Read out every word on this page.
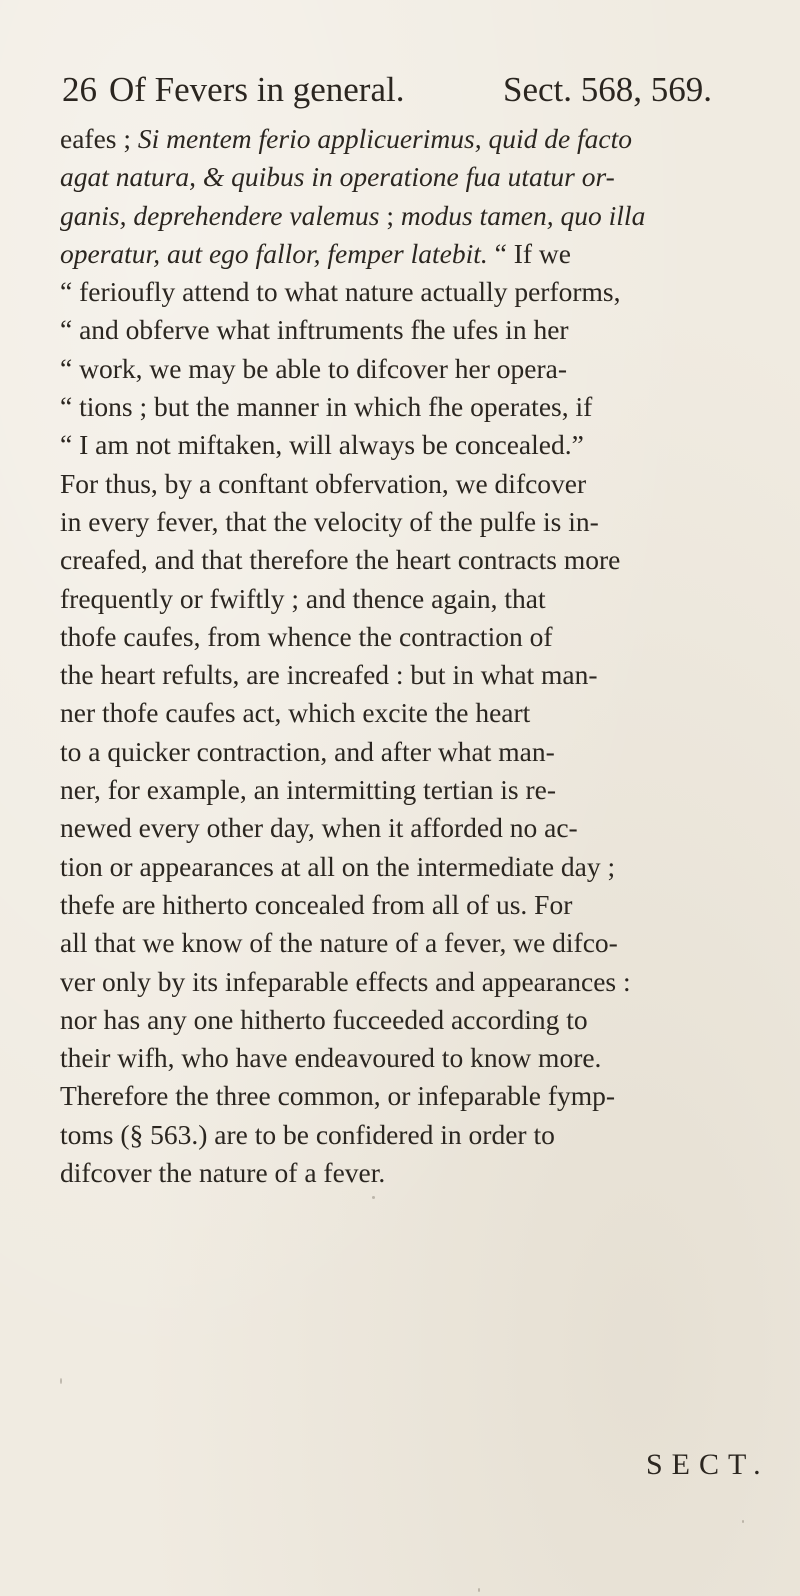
26 Of Fevers in general.	Sect. 568, 569.
eafes ; Si mentem ferio applicuerimus, quid de facto
agat natura, & quibus in operatione fua utatur or-
ganis, deprehendere valemus ; modus tamen, quo illa
operatur, aut ego fallor, femper latebit. “ If we
“ ferioufly attend to what nature actually performs,
“ and obferve what inftruments fhe ufes in her
“ work, we may be able to difcover her opera-
“ tions ; but the manner in which fhe operates, if
“ I am not miftaken, will always be concealed.”
For thus, by a conftant obfervation, we difcover
in every fever, that the velocity of the pulfe is in-
creafed, and that therefore the heart contracts more
frequently or fwiftly ; and thence again, that
thofe caufes, from whence the contraction of
the heart refults, are increafed : but in what man-
ner thofe caufes act, which excite the heart
to a quicker contraction, and after what man-
ner, for example, an intermitting tertian is re-
newed every other day, when it afforded no ac-
tion or appearances at all on the intermediate day ;
thefe are hitherto concealed from all of us. For
all that we know of the nature of a fever, we difco-
ver only by its infeparable effects and appearances :
nor has any one hitherto fucceeded according to
their wifh, who have endeavoured to know more.
Therefore the three common, or infeparable fymp-
toms (§ 563.) are to be confidered in order to
difcover the nature of a fever.
SECT.
